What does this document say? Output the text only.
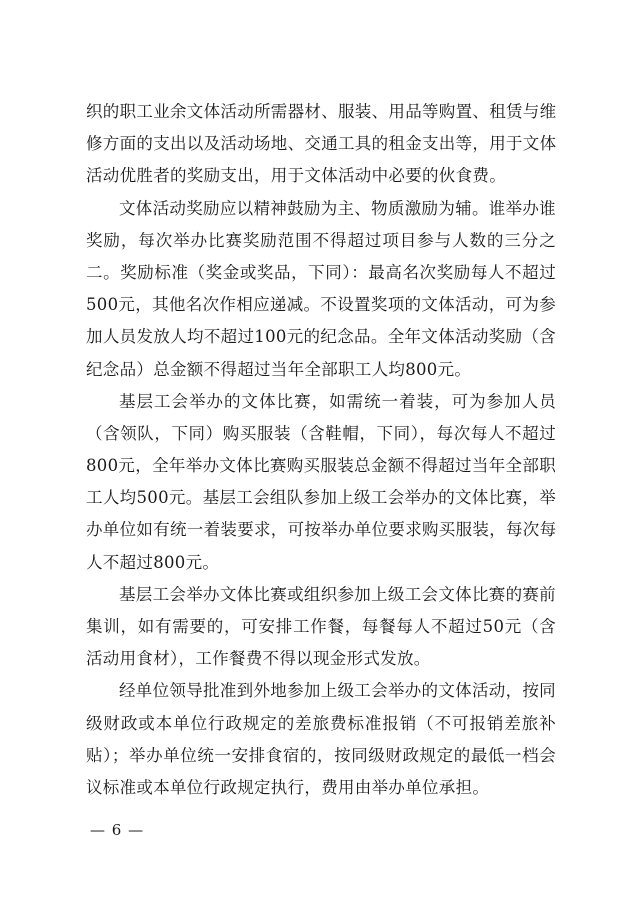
织的职工业余文体活动所需器材、服装、用品等购置、租赁与维
修方面的支出以及活动场地、交通工具的租金支出等，用于文体
活动优胜者的奖励支出，用于文体活动中必要的伙食费。
文体活动奖励应以精神鼓励为主、物质激励为辅。谁举办谁
奖励，每次举办比赛奖励范围不得超过项目参与人数的三分之
二。奖励标准（奖金或奖品，下同）：最高名次奖励每人不超过
500元，其他名次作相应递减。不设置奖项的文体活动，可为参
加人员发放人均不超过100元的纪念品。全年文体活动奖励（含
纪念品）总金额不得超过当年全部职工人均800元。
基层工会举办的文体比赛，如需统一着装，可为参加人员
（含领队，下同）购买服装（含鞋帽，下同），每次每人不超过
800元，全年举办文体比赛购买服装总金额不得超过当年全部职
工人均500元。基层工会组队参加上级工会举办的文体比赛，举
办单位如有统一着装要求，可按举办单位要求购买服装，每次每
人不超过800元。
基层工会举办文体比赛或组织参加上级工会文体比赛的赛前
集训，如有需要的，可安排工作餐，每餐每人不超过50元（含
活动用食材），工作餐费不得以现金形式发放。
经单位领导批准到外地参加上级工会举办的文体活动，按同
级财政或本单位行政规定的差旅费标准报销（不可报销差旅补
贴）；举办单位统一安排食宿的，按同级财政规定的最低一档会
议标准或本单位行政规定执行，费用由举办单位承担。
— 6 —
